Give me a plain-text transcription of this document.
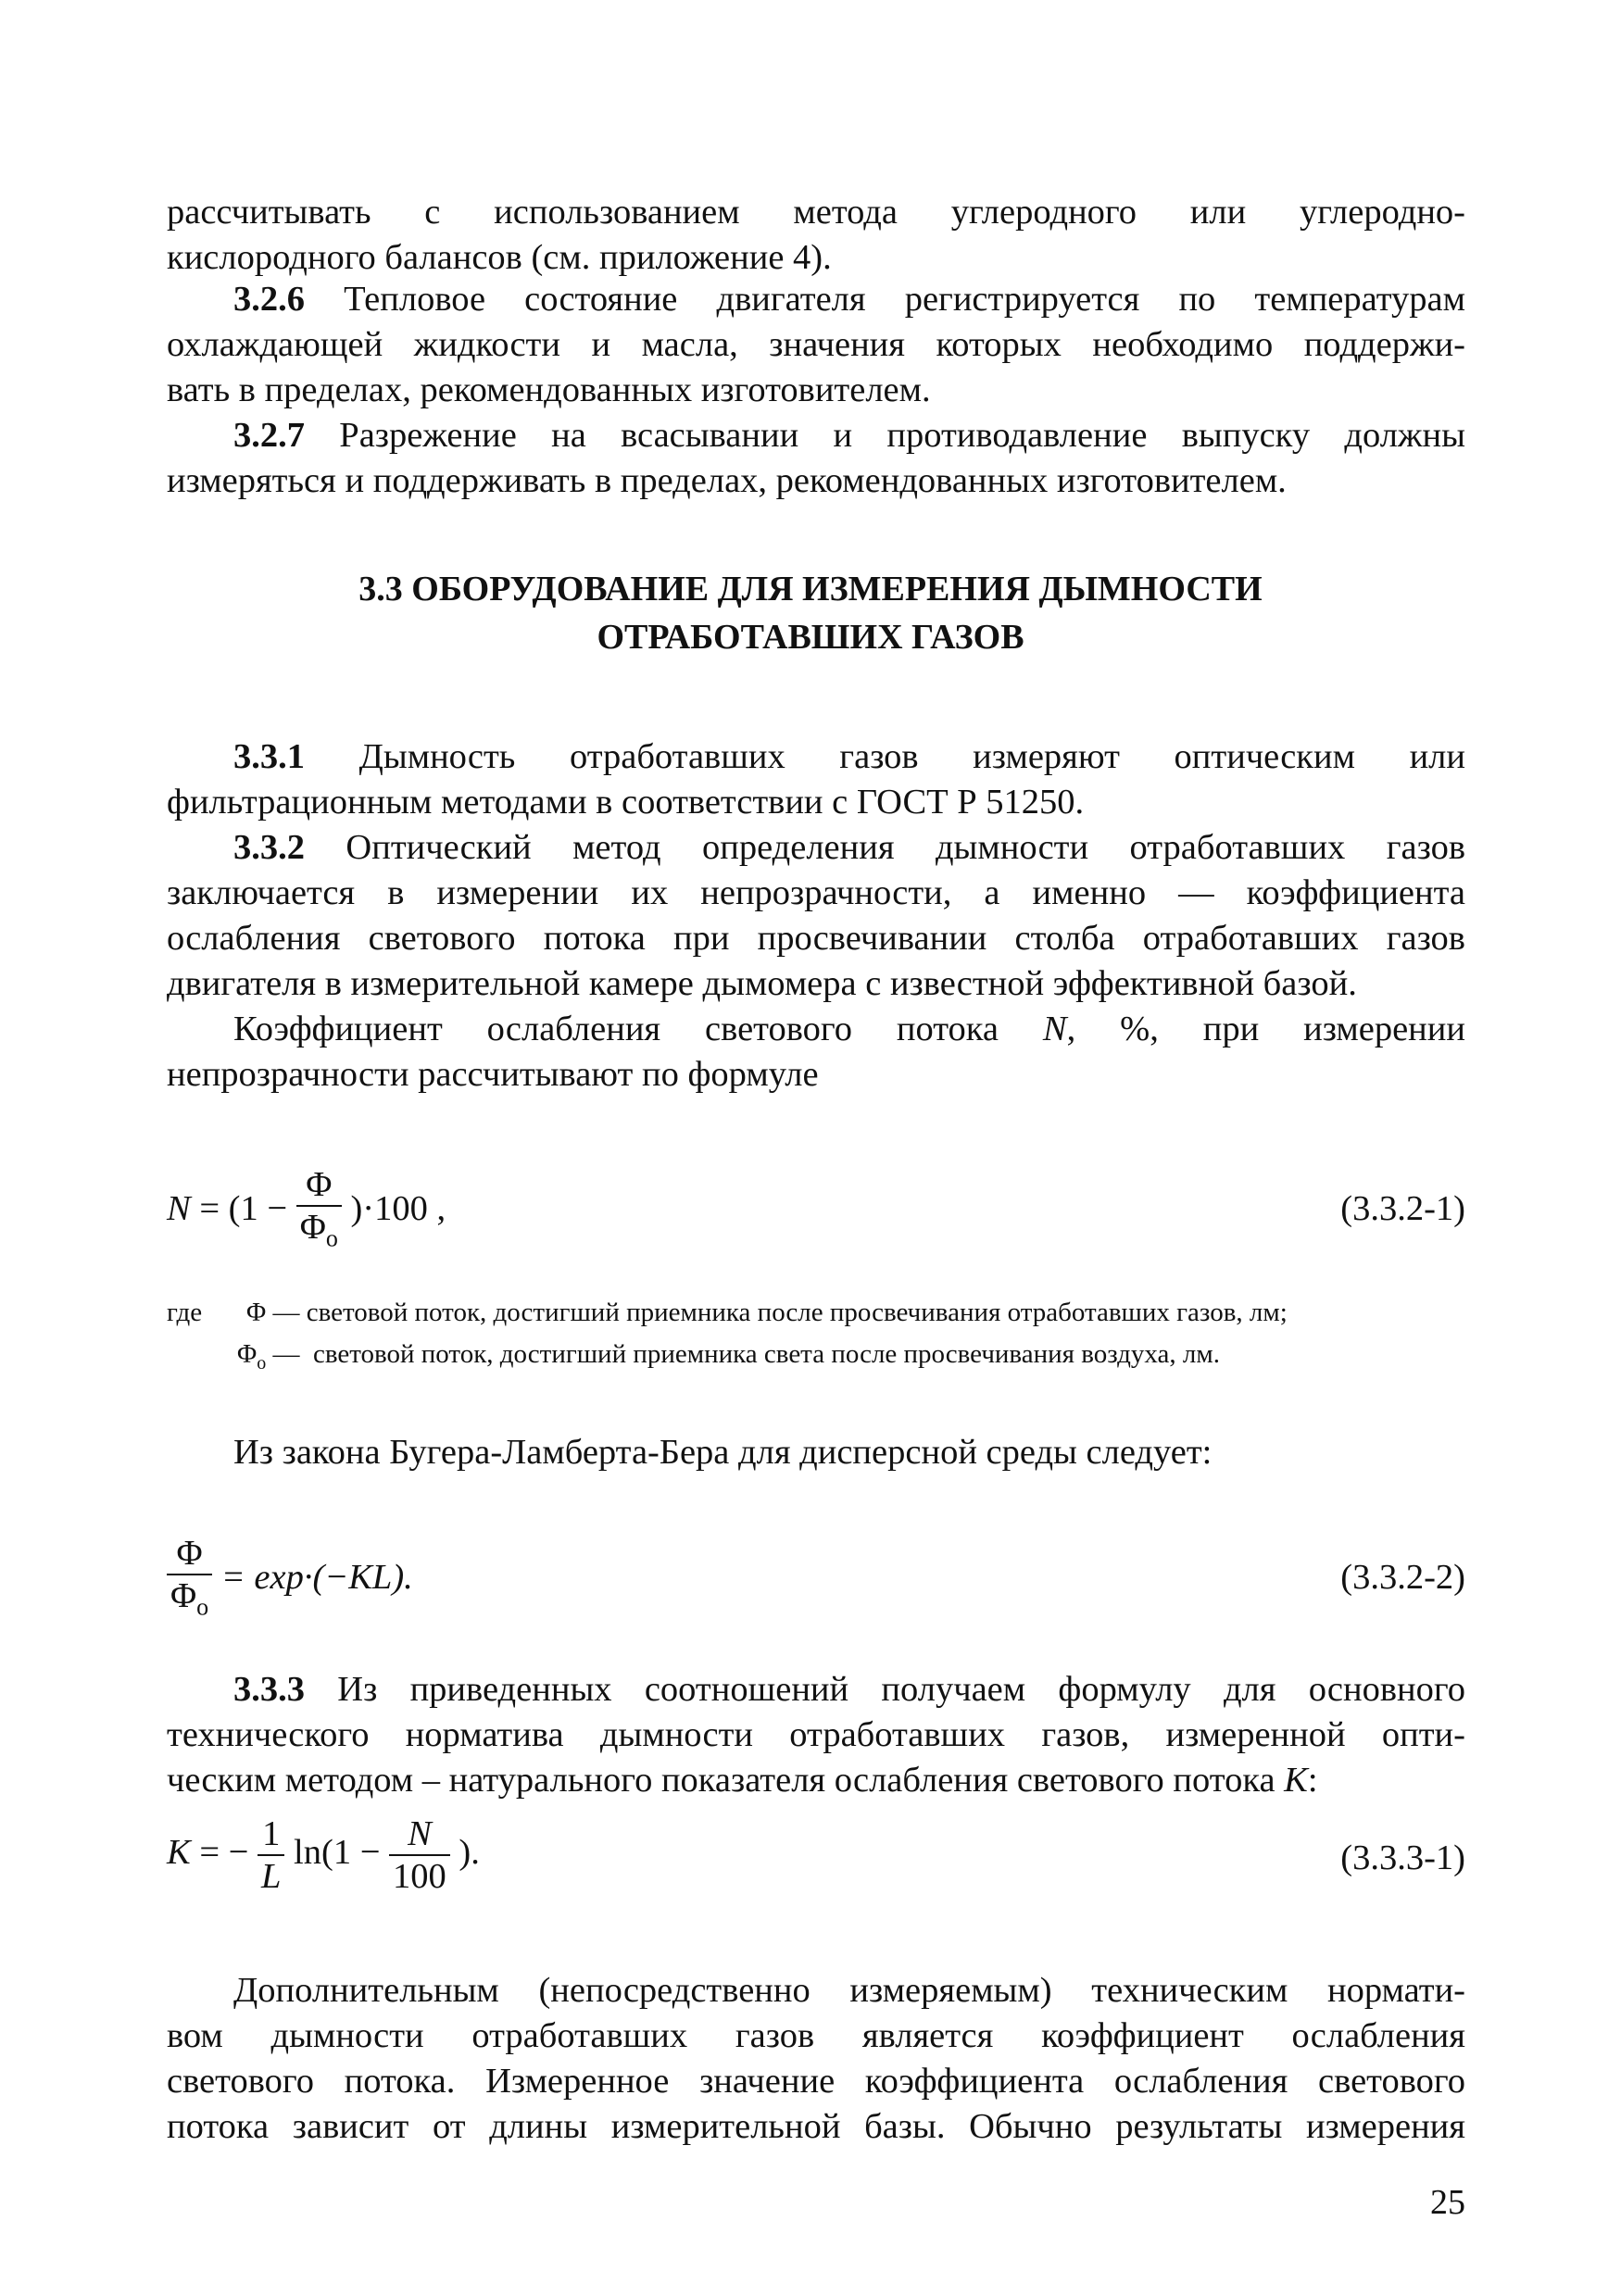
рассчитывать с использованием метода углеродного или углеродно-
кислородного балансов (см. приложение 4).
3.2.6 Тепловое состояние двигателя регистрируется по температурам
охлаждающей жидкости и масла, значения которых необходимо поддержи-
вать в пределах, рекомендованных изготовителем.
3.2.7 Разрежение на всасывании и противодавление выпуску должны
измеряться и поддерживать в пределах, рекомендованных изготовителем.
3.3 ОБОРУДОВАНИЕ ДЛЯ ИЗМЕРЕНИЯ ДЫМНОСТИ
ОТРАБОТАВШИХ ГАЗОВ
3.3.1 Дымность отработавших газов измеряют оптическим или
фильтрационным методами в соответствии с ГОСТ Р 51250.
3.3.2 Оптический метод определения дымности отработавших газов
заключается в измерении их непрозрачности, а именно — коэффициента
ослабления светового потока при просвечивании столба отработавших газов
двигателя в измерительной камере дымомера с известной эффективной базой.
Коэффициент ослабления светового потока N, %, при измерении
непрозрачности рассчитывают по формуле
$N = (1 - \frac{\Phi}{\Phi_о} )\cdot 100$ ,	(3.3.2-1)
где Φ — световой поток, достигший приемника после просвечивания отработавших газов, лм;
$\Phi_о$ — световой поток, достигший приемника света после просвечивания воздуха, лм.
Из закона Бугера-Ламберта-Бера для дисперсной среды следует:
$\frac{\Phi}{\Phi_о} = \exp\cdot(-KL)$.	(3.3.2-2)
3.3.3 Из приведенных соотношений получаем формулу для основного
технического норматива дымности отработавших газов, измеренной опти-
ческим методом – натурального показателя ослабления светового потока K:
K = − $\frac{1}{L} \ln(1 - \frac{N}{100}$ ).	(3.3.3-1)
Дополнительным (непосредственно измеряемым) техническим нормати-
вом дымности отработавших газов является коэффициент ослабления
светового потока. Измеренное значение коэффициента ослабления светового
потока зависит от длины измерительной базы. Обычно результаты измерения
25
